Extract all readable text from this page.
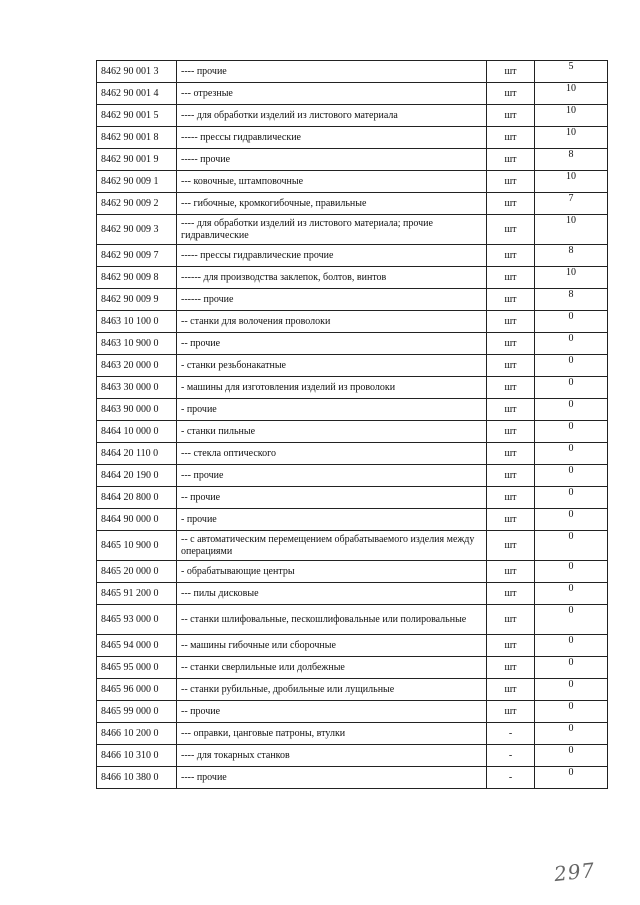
8462 90 001 3	---- прочие	шт	5
8462 90 001 4	--- отрезные	шт	10
8462 90 001 5	---- для обработки изделий из листового материала	шт	10
8462 90 001 8	----- прессы гидравлические	шт	10
8462 90 001 9	----- прочие	шт	8
8462 90 009 1	--- ковочные, штамповочные	шт	10
8462 90 009 2	--- гибочные, кромкогибочные, правильные	шт	7
8462 90 009 3	---- для обработки изделий из листового материала; прочие гидравлические	шт	10
8462 90 009 7	----- прессы гидравлические прочие	шт	8
8462 90 009 8	------ для производства заклепок, болтов, винтов	шт	10
8462 90 009 9	------ прочие	шт	8
8463 10 100 0	-- станки для волочения проволоки	шт	0
8463 10 900 0	-- прочие	шт	0
8463 20 000 0	- станки резьбонакатные	шт	0
8463 30 000 0	- машины для изготовления изделий из проволоки	шт	0
8463 90 000 0	- прочие	шт	0
8464 10 000 0	- станки пильные	шт	0
8464 20 110 0	--- стекла оптического	шт	0
8464 20 190 0	--- прочие	шт	0
8464 20 800 0	-- прочие	шт	0
8464 90 000 0	- прочие	шт	0
8465 10 900 0	-- с автоматическим перемещением обрабатываемого изделия между операциями	шт	0
8465 20 000 0	- обрабатывающие центры	шт	0
8465 91 200 0	--- пилы дисковые	шт	0
8465 93 000 0	-- станки шлифовальные, пескошлифовальные или полировальные	шт	0
8465 94 000 0	-- машины гибочные или сборочные	шт	0
8465 95 000 0	-- станки сверлильные или долбежные	шт	0
8465 96 000 0	-- станки рубильные, дробильные или лущильные	шт	0
8465 99 000 0	-- прочие	шт	0
8466 10 200 0	--- оправки, цанговые патроны, втулки	-	0
8466 10 310 0	---- для токарных станков	-	0
8466 10 380 0	---- прочие	-	0
297
